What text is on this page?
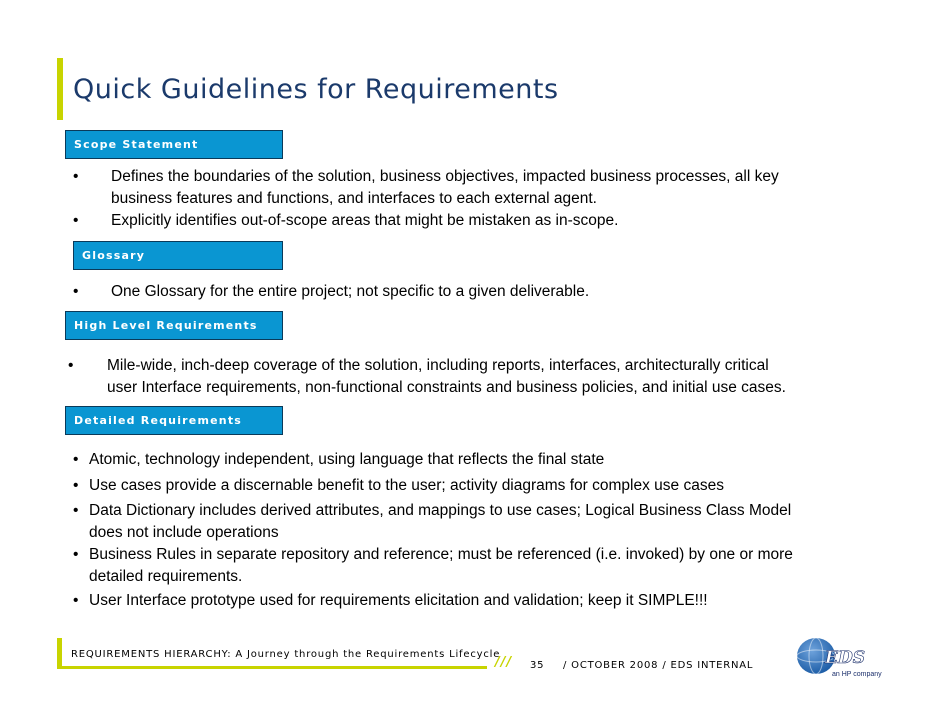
Quick Guidelines for Requirements
Scope Statement
• Defines the boundaries of the solution, business objectives, impacted business processes, all key
business features and functions, and interfaces to each external agent.
• Explicitly identifies out-of-scope areas that might be mistaken as in-scope.
Glossary
• One Glossary for the entire project; not specific to a given deliverable.
High Level Requirements
• Mile-wide, inch-deep coverage of the solution, including reports, interfaces, architecturally critical
user Interface requirements, non-functional constraints and business policies, and initial use cases.
Detailed Requirements
• Atomic, technology independent, using language that reflects the final state
• Use cases provide a discernable benefit to the user; activity diagrams for complex use cases
• Data Dictionary includes derived attributes, and mappings to use cases; Logical Business Class Model
does not include operations
• Business Rules in separate repository and reference; must be referenced (i.e. invoked) by one or more
detailed requirements.
• User Interface prototype used for requirements elicitation and validation; keep it SIMPLE!!!
REQUIREMENTS HIERARCHY: A Journey through the Requirements Lifecycle
/// 35 / OCTOBER 2008 / EDS INTERNAL	EDS
an HP company
